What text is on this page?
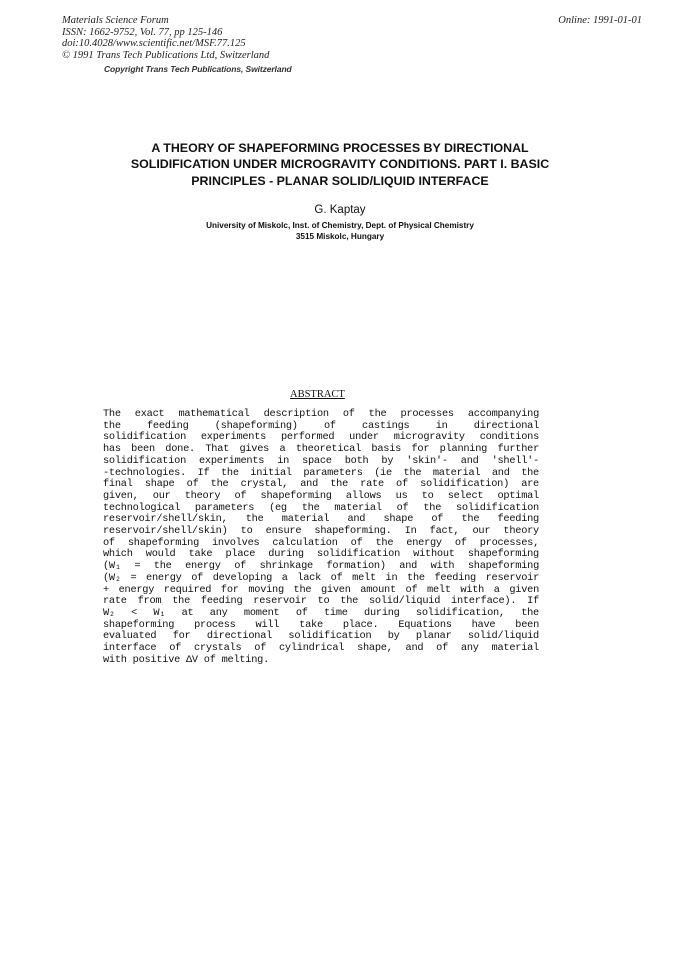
Materials Science Forum
ISSN: 1662-9752, Vol. 77, pp 125-146
doi:10.4028/www.scientific.net/MSF.77.125
© 1991 Trans Tech Publications Ltd, Switzerland
Online: 1991-01-01
Copyright Trans Tech Publications, Switzerland
A THEORY OF SHAPEFORMING PROCESSES BY DIRECTIONAL
SOLIDIFICATION UNDER MICROGRAVITY CONDITIONS. PART I. BASIC
PRINCIPLES - PLANAR SOLID/LIQUID INTERFACE
G. Kaptay
University of Miskolc, Inst. of Chemistry, Dept. of Physical Chemistry
3515 Miskolc, Hungary
ABSTRACT
The exact mathematical description of the processes accompanying
the feeding (shapeforming) of castings in directional
solidification experiments performed under microgravity conditions
has been done. That gives a theoretical basis for planning further
solidification experiments in space both by 'skin'- and 'shell'-
-technologies. If the initial parameters (ie the material and the
final shape of the crystal, and the rate of solidification) are
given, our theory of shapeforming allows us to select optimal
technological parameters (eg the material of the solidification
reservoir/shell/skin, the material and shape of the feeding
reservoir/shell/skin) to ensure shapeforming. In fact, our theory
of shapeforming involves calculation of the energy of processes,
which would take place during solidification without shapeforming
(W₁ = the energy of shrinkage formation) and with shapeforming
(W₂ = energy of developing a lack of melt in the feeding reservoir
+ energy required for moving the given amount of melt with a given
rate from the feeding reservoir to the solid/liquid interface). If
W₂ < W₁ at any moment of time during solidification, the
shapeforming process will take place. Equations have been
evaluated for directional solidification by planar solid/liquid
interface of crystals of cylindrical shape, and of any material
with positive ΔV of melting.
